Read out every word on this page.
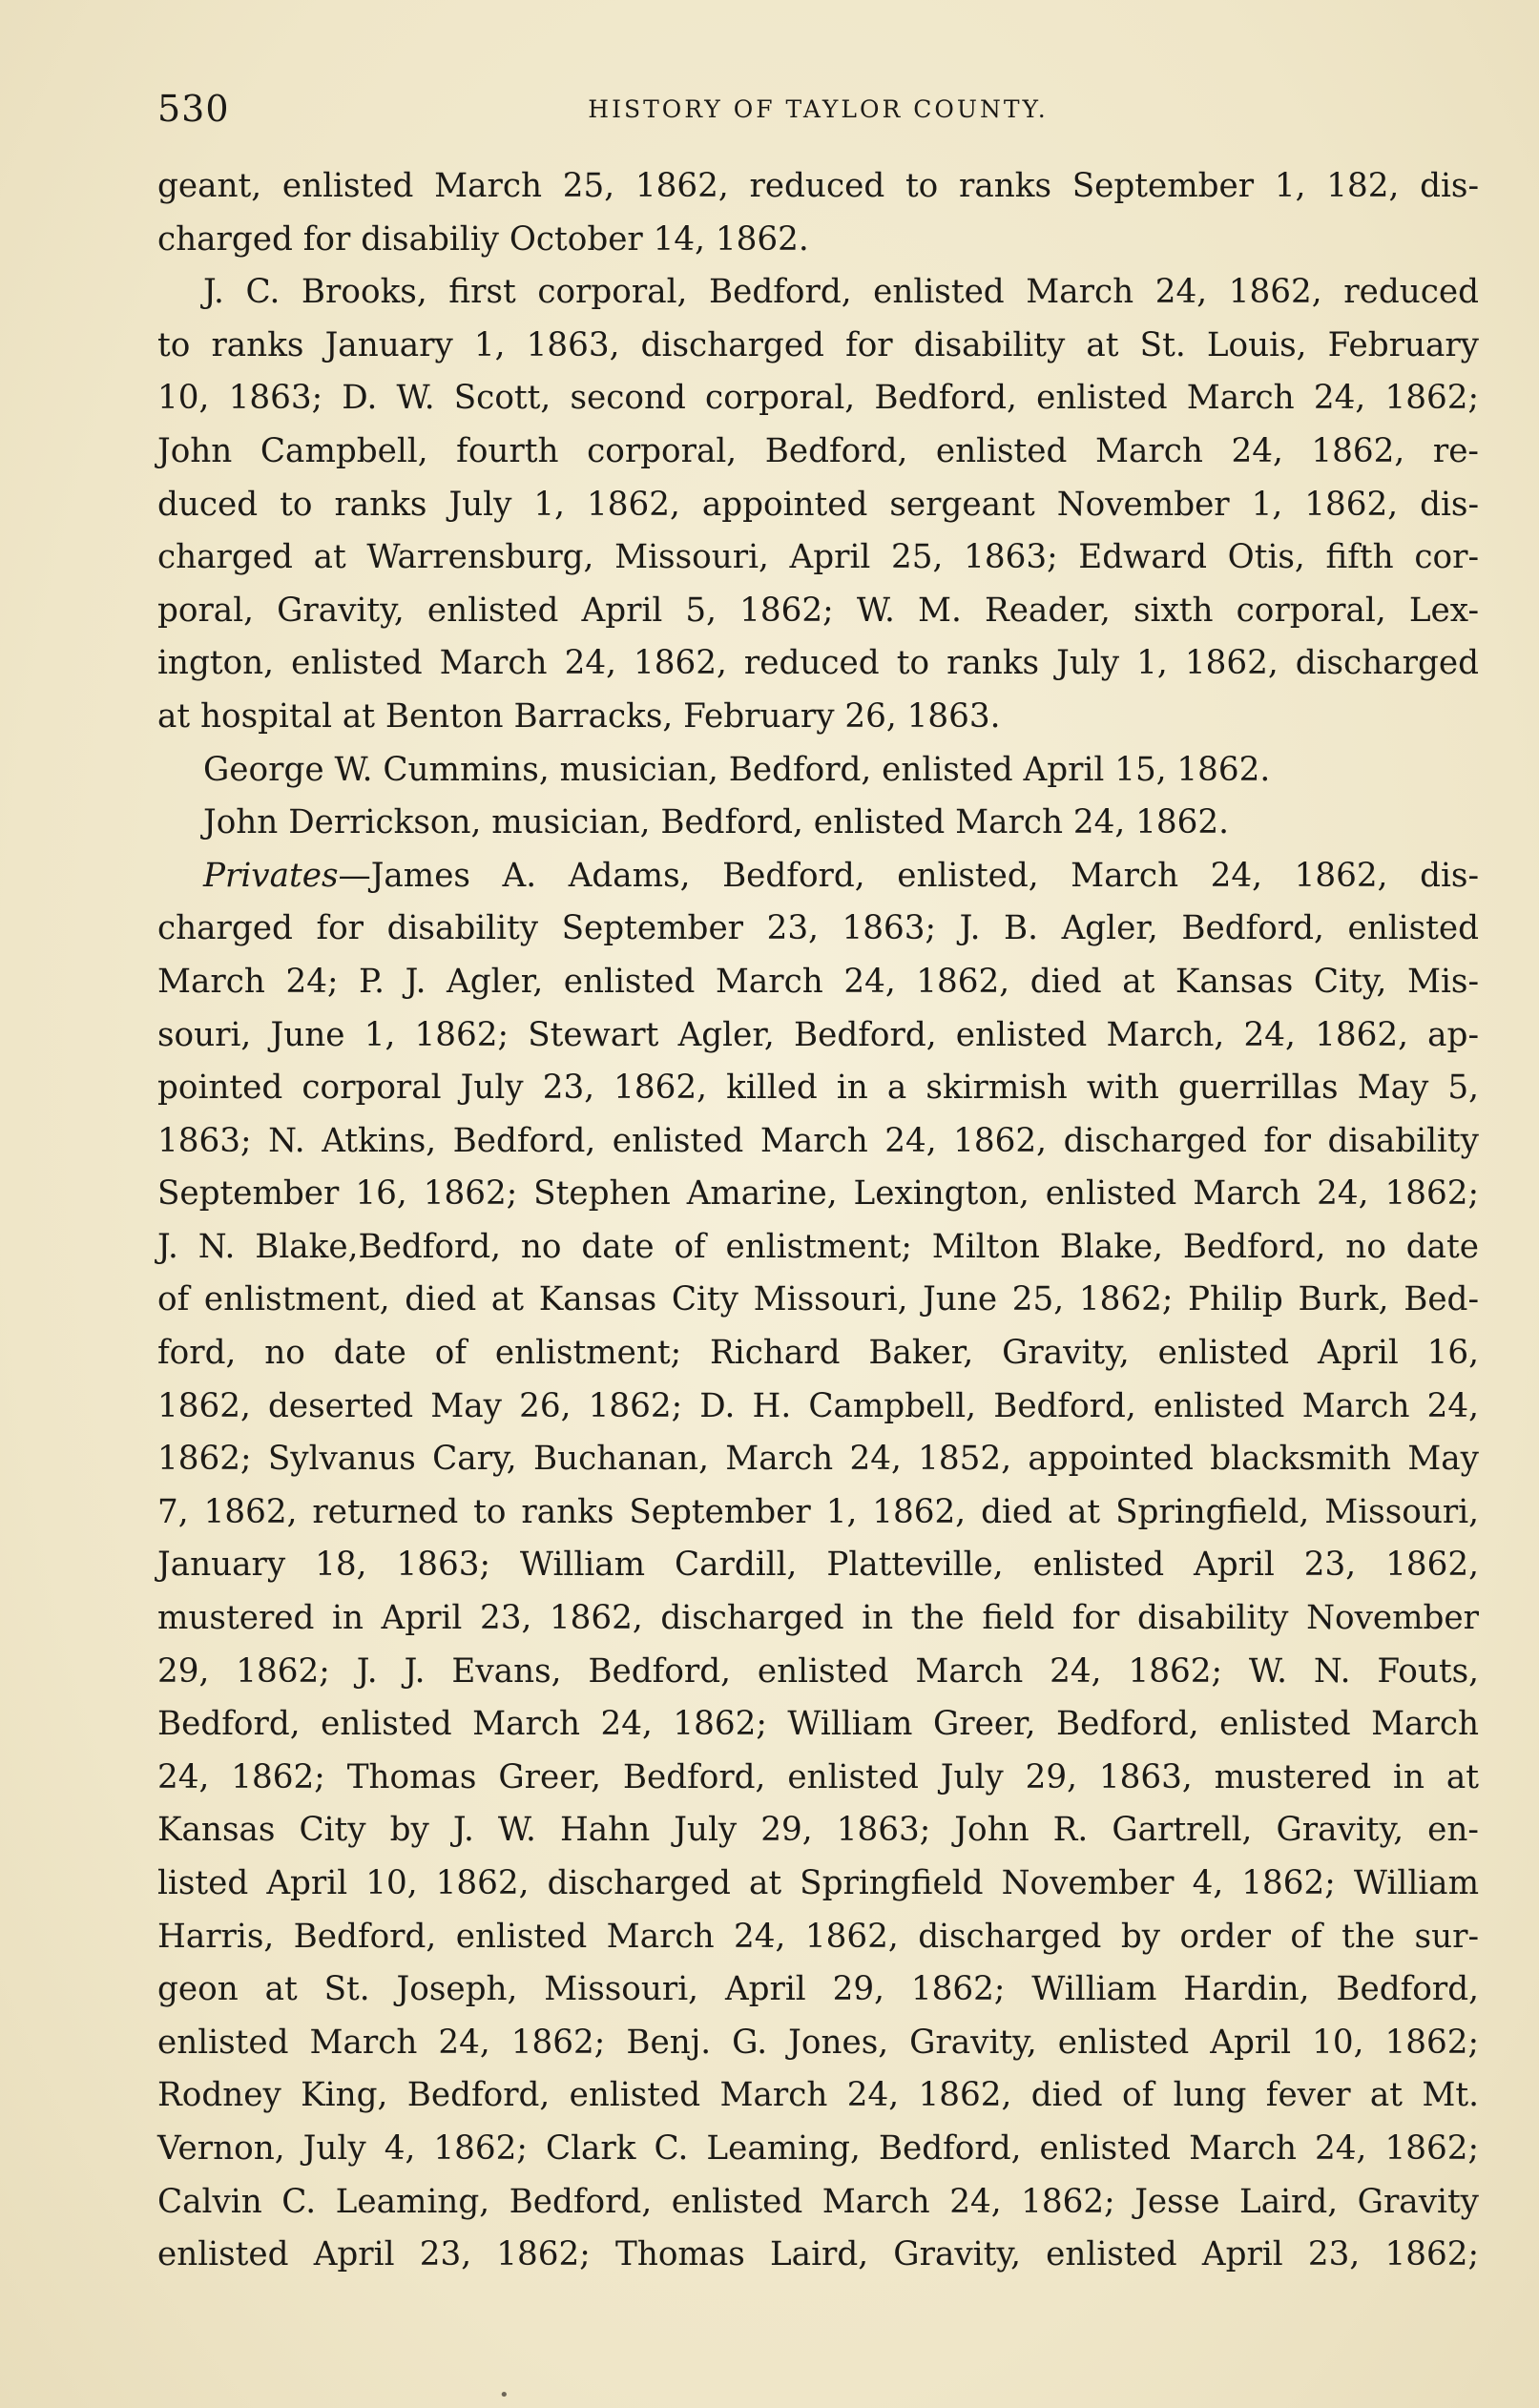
530	HISTORY OF TAYLOR COUNTY.
geant, enlisted March 25, 1862, reduced to ranks September 1, 182, dis-
charged for disabiliy October 14, 1862.
J. C. Brooks, first corporal, Bedford, enlisted March 24, 1862, reduced
to ranks January 1, 1863, discharged for disability at St. Louis, February
10, 1863; D. W. Scott, second corporal, Bedford, enlisted March 24, 1862;
John Campbell, fourth corporal, Bedford, enlisted March 24, 1862, re-
duced to ranks July 1, 1862, appointed sergeant November 1, 1862, dis-
charged at Warrensburg, Missouri, April 25, 1863; Edward Otis, fifth cor-
poral, Gravity, enlisted April 5, 1862; W. M. Reader, sixth corporal, Lex-
ington, enlisted March 24, 1862, reduced to ranks July 1, 1862, discharged
at hospital at Benton Barracks, February 26, 1863.
George W. Cummins, musician, Bedford, enlisted April 15, 1862.
John Derrickson, musician, Bedford, enlisted March 24, 1862.
Privates—James A. Adams, Bedford, enlisted, March 24, 1862, dis-
charged for disability September 23, 1863; J. B. Agler, Bedford, enlisted
March 24; P. J. Agler, enlisted March 24, 1862, died at Kansas City, Mis-
souri, June 1, 1862; Stewart Agler, Bedford, enlisted March, 24, 1862, ap-
pointed corporal July 23, 1862, killed in a skirmish with guerrillas May 5,
1863; N. Atkins, Bedford, enlisted March 24, 1862, discharged for disability
September 16, 1862; Stephen Amarine, Lexington, enlisted March 24, 1862;
J. N. Blake,Bedford, no date of enlistment; Milton Blake, Bedford, no date
of enlistment, died at Kansas City Missouri, June 25, 1862; Philip Burk, Bed-
ford, no date of enlistment; Richard Baker, Gravity, enlisted April 16,
1862, deserted May 26, 1862; D. H. Campbell, Bedford, enlisted March 24,
1862; Sylvanus Cary, Buchanan, March 24, 1852, appointed blacksmith May
7, 1862, returned to ranks September 1, 1862, died at Springfield, Missouri,
January 18, 1863; William Cardill, Platteville, enlisted April 23, 1862,
mustered in April 23, 1862, discharged in the field for disability November
29, 1862; J. J. Evans, Bedford, enlisted March 24, 1862; W. N. Fouts,
Bedford, enlisted March 24, 1862; William Greer, Bedford, enlisted March
24, 1862; Thomas Greer, Bedford, enlisted July 29, 1863, mustered in at
Kansas City by J. W. Hahn July 29, 1863; John R. Gartrell, Gravity, en-
listed April 10, 1862, discharged at Springfield November 4, 1862; William
Harris, Bedford, enlisted March 24, 1862, discharged by order of the sur-
geon at St. Joseph, Missouri, April 29, 1862; William Hardin, Bedford,
enlisted March 24, 1862; Benj. G. Jones, Gravity, enlisted April 10, 1862;
Rodney King, Bedford, enlisted March 24, 1862, died of lung fever at Mt.
Vernon, July 4, 1862; Clark C. Leaming, Bedford, enlisted March 24, 1862;
Calvin C. Leaming, Bedford, enlisted March 24, 1862; Jesse Laird, Gravity
enlisted April 23, 1862; Thomas Laird, Gravity, enlisted April 23, 1862;
•
